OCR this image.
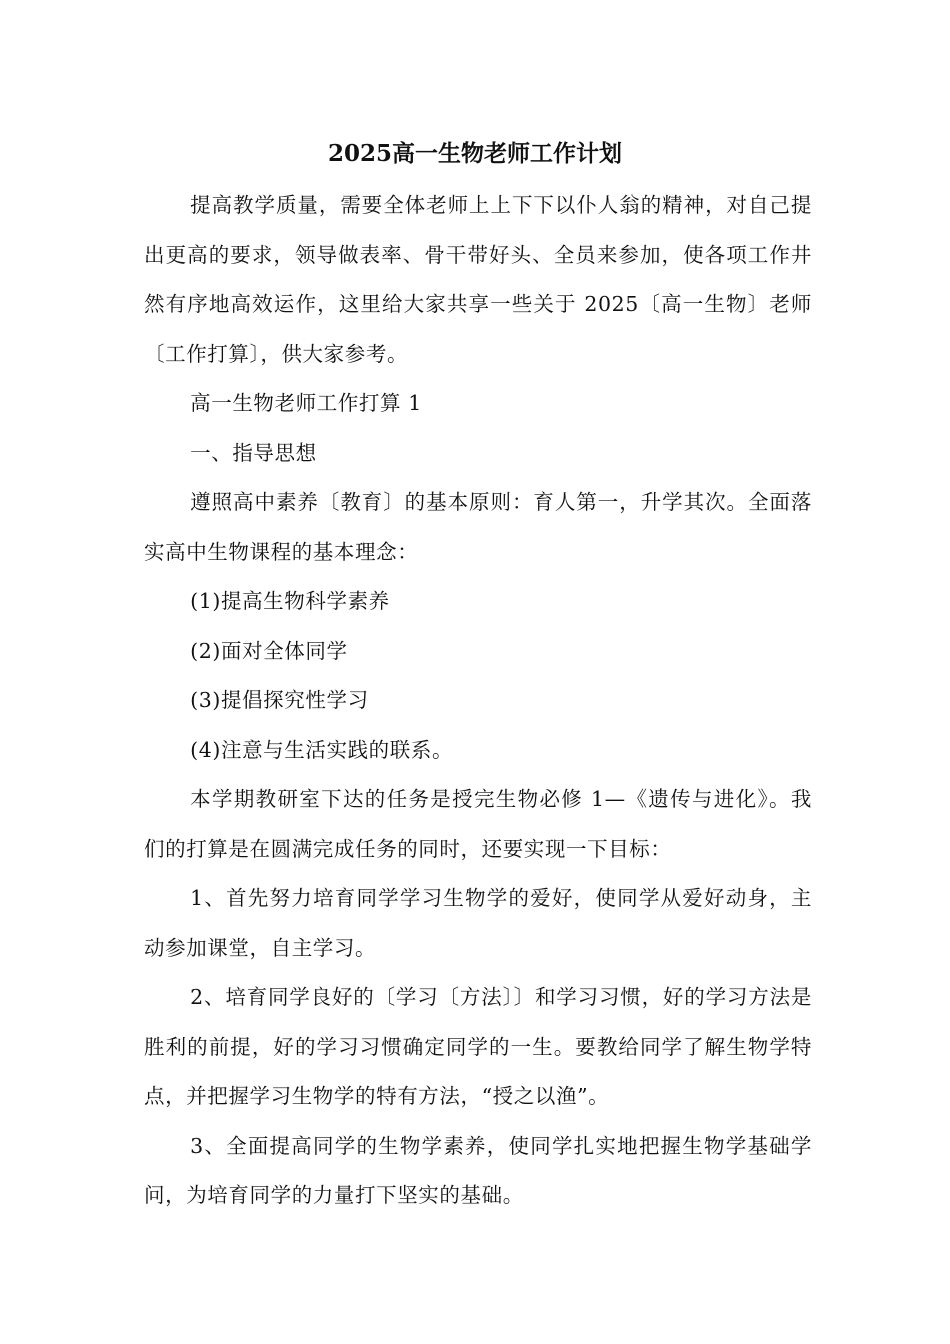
2025高一生物老师工作计划

提高教学质量，需要全体老师上上下下以仆人翁的精神，对自己提出更高的要求，领导做表率、骨干带好头、全员来参加，使各项工作井然有序地高效运作，这里给大家共享一些关于 2025〔高一生物〕老师〔工作打算〕，供大家参考。

高一生物老师工作打算 1

一、指导思想

遵照高中素养〔教育〕的基本原则：育人第一，升学其次。全面落实高中生物课程的基本理念：

(1)提高生物科学素养

(2)面对全体同学

(3)提倡探究性学习

(4)注意与生活实践的联系。

本学期教研室下达的任务是授完生物必修 1—《遗传与进化》。我们的打算是在圆满完成任务的同时，还要实现一下目标：

1、首先努力培育同学学习生物学的爱好，使同学从爱好动身，主动参加课堂，自主学习。

2、培育同学良好的〔学习〔方法〕〕和学习习惯，好的学习方法是胜利的前提，好的学习习惯确定同学的一生。要教给同学了解生物学特点，并把握学习生物学的特有方法，“授之以渔”。

3、全面提高同学的生物学素养，使同学扎实地把握生物学基础学问，为培育同学的力量打下坚实的基础。
